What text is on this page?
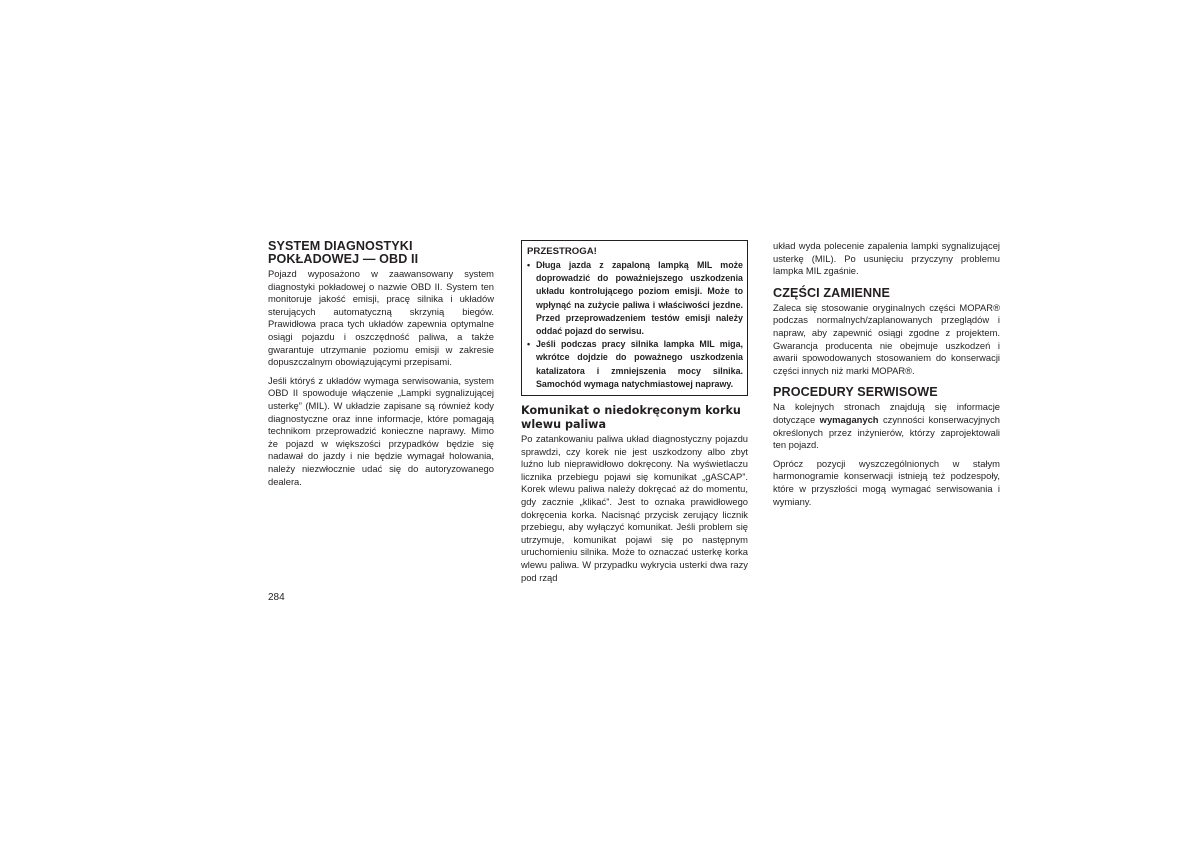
SYSTEM DIAGNOSTYKI POKŁADOWEJ — OBD II

Pojazd wyposażono w zaawansowany system diagnostyki pokładowej o nazwie OBD II. System ten monitoruje jakość emisji, pracę silnika i układów sterujących automatyczną skrzynią biegów. Prawidłowa praca tych układów zapewnia optymalne osiągi pojazdu i oszczędność paliwa, a także gwarantuje utrzymanie poziomu emisji w zakresie dopuszczalnym obowiązującymi przepisami.

Jeśli któryś z układów wymaga serwisowania, system OBD II spowoduje włączenie „Lampki sygnalizującej usterkę” (MIL). W układzie zapisane są również kody diagnostyczne oraz inne informacje, które pomagają technikom przeprowadzić konieczne naprawy. Mimo że pojazd w większości przypadków będzie się nadawał do jazdy i nie będzie wymagał holowania, należy niezwłocznie udać się do autoryzowanego dealera.

PRZESTROGA!
• Długa jazda z zapaloną lampką MIL może doprowadzić do poważniejszego uszkodzenia układu kontrolującego poziom emisji. Może to wpłynąć na zużycie paliwa i właściwości jezdne. Przed przeprowadzeniem testów emisji należy oddać pojazd do serwisu.
• Jeśli podczas pracy silnika lampka MIL miga, wkrótce dojdzie do poważnego uszkodzenia katalizatora i zmniejszenia mocy silnika. Samochód wymaga natychmiastowej naprawy.
Komunikat o niedokręconym korku wlewu paliwa

Po zatankowaniu paliwa układ diagnostyczny pojazdu sprawdzi, czy korek nie jest uszkodzony albo zbyt luźno lub nieprawidłowo dokręcony. Na wyświetlaczu licznika przebiegu pojawi się komunikat „gASCAP”. Korek wlewu paliwa należy dokręcać aż do momentu, gdy zacznie „klikać”. Jest to oznaka prawidłowego dokręcenia korka. Nacisnąć przycisk zerujący licznik przebiegu, aby wyłączyć komunikat. Jeśli problem się utrzymuje, komunikat pojawi się po następnym uruchomieniu silnika. Może to oznaczać usterkę korka wlewu paliwa. W przypadku wykrycia usterki dwa razy pod rząd

układ wyda polecenie zapalenia lampki sygnalizującej usterkę (MIL). Po usunięciu przyczyny problemu lampka MIL zgaśnie.

CZĘŚCI ZAMIENNE

Zaleca się stosowanie oryginalnych części MOPAR® podczas normalnych/zaplanowanych przeglądów i napraw, aby zapewnić osiągi zgodne z projektem. Gwarancja producenta nie obejmuje uszkodzeń i awarii spowodowanych stosowaniem do konserwacji części innych niż marki MOPAR®.

PROCEDURY SERWISOWE

Na kolejnych stronach znajdują się informacje dotyczące wymaganych czynności konserwacyjnych określonych przez inżynierów, którzy zaprojektowali ten pojazd.

Oprócz pozycji wyszczególnionych w stałym harmonogramie konserwacji istnieją też podzespoły, które w przyszłości mogą wymagać serwisowania i wymiany.

284
